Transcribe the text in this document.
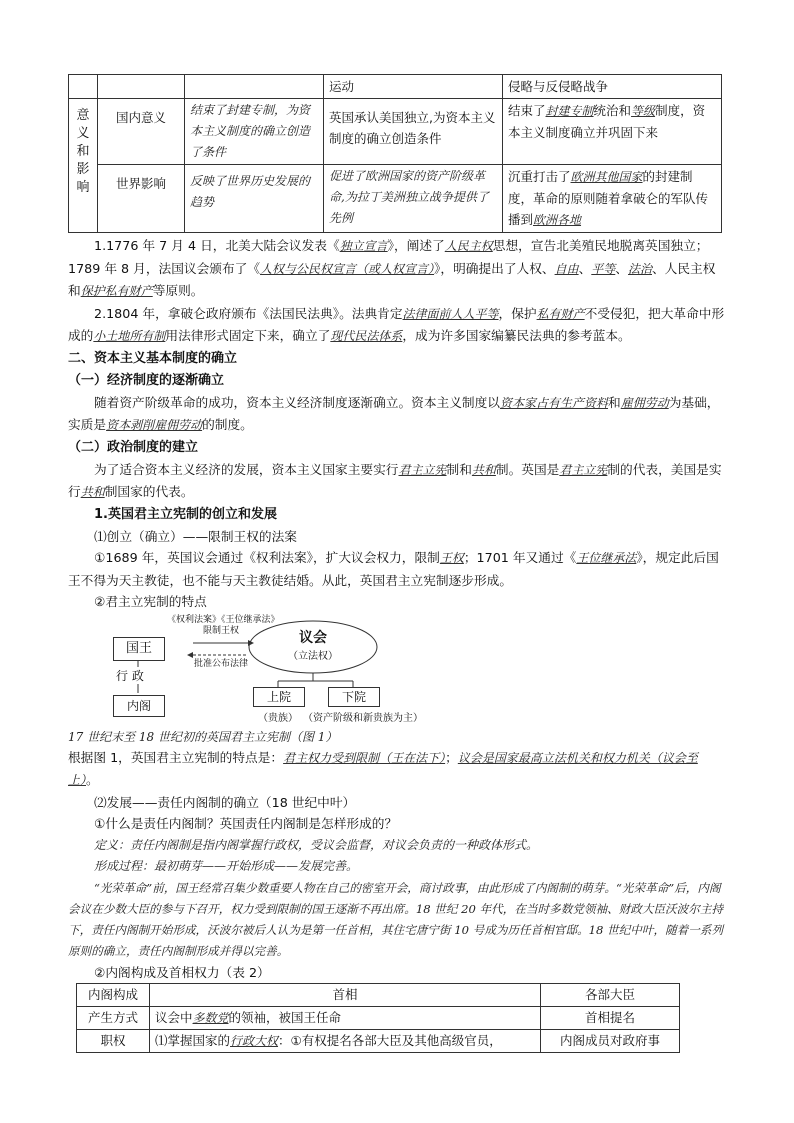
			运动	侵略与反侵略战争
意义和影响	国内意义	结束了封建专制，为资本主义制度的确立创造了条件	英国承认美国独立,为资本主义制度的确立创造条件	结束了封建专制统治和等级制度，资本主义制度确立并巩固下来
	世界影响	反映了世界历史发展的趋势	促进了欧洲国家的资产阶级革命,为拉丁美洲独立战争提供了先例	沉重打击了欧洲其他国家的封建制度，革命的原则随着拿破仑的军队传播到欧洲各地

1.1776 年 7 月 4 日，北美大陆会议发表《独立宣言》，阐述了人民主权思想，宣告北美殖民地脱离英国独立；1789 年 8 月，法国议会颁布了《人权与公民权宣言（或人权宣言）》，明确提出了人权、自由、平等、法治、人民主权和保护私有财产等原则。

2.1804 年，拿破仑政府颁布《法国民法典》。法典肯定法律面前人人平等，保护私有财产不受侵犯，把大革命中形成的小土地所有制用法律形式固定下来，确立了现代民法体系，成为许多国家编纂民法典的参考蓝本。

二、资本主义基本制度的确立

（一）经济制度的逐渐确立

随着资产阶级革命的成功，资本主义经济制度逐渐确立。资本主义制度以资本家占有生产资料和雇佣劳动为基础，实质是资本剥削雇佣劳动的制度。

（二）政治制度的建立

为了适合资本主义经济的发展，资本主义国家主要实行君主立宪制和共和制。英国是君主立宪制的代表，美国是实行共和制国家的代表。

1.英国君主立宪制的创立和发展

⑴创立（确立）——限制王权的法案

①1689 年，英国议会通过《权利法案》，扩大议会权力，限制王权；1701 年又通过《王位继承法》，规定此后国王不得为天主教徒，也不能与天主教徒结婚。从此，英国君主立宪制逐步形成。

②君主立宪制的特点

国王
《权利法案》《王位继承法》限制王权
批准公布法律
议会
（立法权）
行 政
内阁
上院	下院
（贵族） （资产阶级和新贵族为主）

17 世纪末至 18 世纪初的英国君主立宪制（图 1）

根据图 1，英国君主立宪制的特点是：君主权力受到限制（王在法下）；议会是国家最高立法机关和权力机关（议会至上）。

⑵发展——责任内阁制的确立（18 世纪中叶）

①什么是责任内阁制？英国责任内阁制是怎样形成的？

定义：责任内阁制是指内阁掌握行政权，受议会监督，对议会负责的一种政体形式。

形成过程：最初萌芽——开始形成——发展完善。

“光荣革命”前，国王经常召集少数重要人物在自己的密室开会，商讨政事，由此形成了内阁制的萌芽。“光荣革命”后，内阁会议在少数大臣的参与下召开，权力受到限制的国王逐渐不再出席。18 世纪 20 年代，在当时多数党领袖、财政大臣沃波尔主持下，责任内阁制开始形成，沃波尔被后人认为是第一任首相，其住宅唐宁街 10 号成为历任首相官邸。18 世纪中叶，随着一系列原则的确立，责任内阁制形成并得以完善。

②内阁构成及首相权力（表 2）

内阁构成	首相	各部大臣
产生方式	议会中多数党的领袖，被国王任命	首相提名
职权	⑴掌握国家的行政大权：①有权提名各部大臣及其他高级官员，	内阁成员对政府事
